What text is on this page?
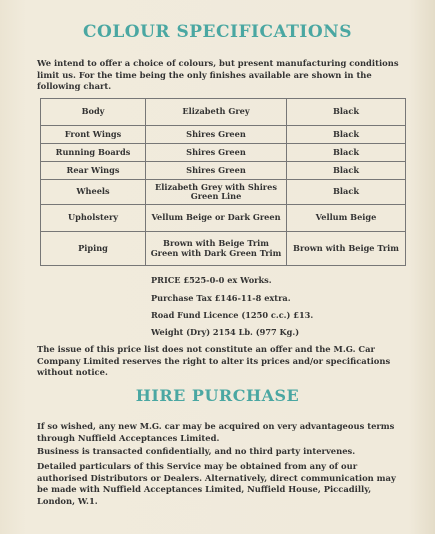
COLOUR SPECIFICATIONS

We intend to offer a choice of colours, but present manufacturing conditions limit us. For the time being the only finishes available are shown in the following chart.

Body	Elizabeth Grey	Black
Front Wings	Shires Green	Black
Running Boards	Shires Green	Black
Rear Wings	Shires Green	Black
Wheels	Elizabeth Grey with Shires Green Line	Black
Upholstery	Vellum Beige or Dark Green	Vellum Beige
Piping	Brown with Beige Trim Green with Dark Green Trim	Brown with Beige Trim
PRICE £525-0-0 ex Works.
Purchase Tax £146-11-8 extra.
Road Fund Licence (1250 c.c.) £13.
Weight (Dry) 2154 Lb. (977 Kg.)

The issue of this price list does not constitute an offer and the M.G. Car Company Limited reserves the right to alter its prices and/or specifications without notice.

HIRE PURCHASE

If so wished, any new M.G. car may be acquired on very advantageous terms through Nuffield Acceptances Limited.

Business is transacted confidentially, and no third party intervenes.

Detailed particulars of this Service may be obtained from any of our authorised Distributors or Dealers. Alternatively, direct communication may be made with Nuffield Acceptances Limited, Nuffield House, Piccadilly, London, W.1.
